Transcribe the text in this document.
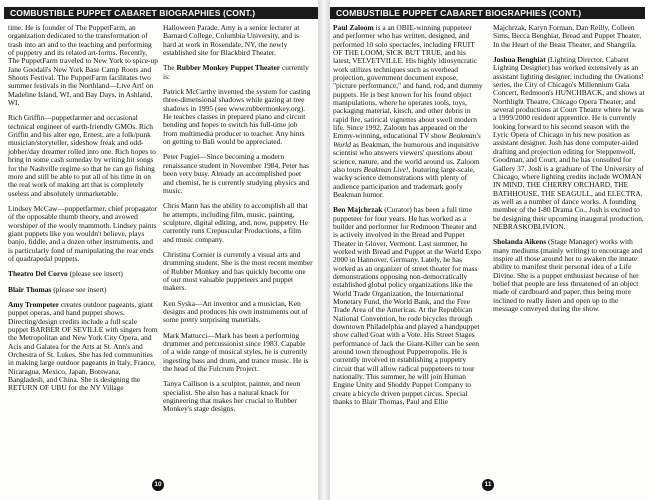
COMBUSTIBLE PUPPET CABARET BIOGRAPHIES (CONT.)

time. He is founder of The PuppetFarm, an organization dedicated to the transformation of trash into art and to the teaching and performing of puppetry and its related art-forms. Recently, The PuppetFarm traveled to New York to spice-up Jane Goodall's New York Base Camp Roots and Shoots Festival. The PuppetFarm facilitates two summer festivals in the Northland—Live Art! on Madeline Island, WI, and Bay Days, in Ashland, WI.

Rich Griffin—puppetfarmer and occasional technical engineer of earth-friendly GMOs. Rich Griffin and his alter ego, Ernest, are a folk/punk musician/storyteller, sideshow freak and odd-jobber/day dreamer rolled into one. Rich hopes to bring in some cash someday by writing hit songs for the Nashville regime so that he can go fishing more and still be able to put all of his time in on the real work of making art that is completely useless and absolutely unmarketable.

Lindsey McCaw—puppetfarmer, chief propagator of the opposable thumb theory, and avowed worshiper of the wooly mammoth. Lindsey paints giant puppets like you wouldn't believe, plays banjo, fiddle, and a dozen other instruments, and is particularly fond of manipulating the rear ends of quadrapedal puppets.

Theatro Del Corvo (please see insert)

Blair Thomas (please see insert)

Amy Trompeter creates outdoor pageants, giant puppet operas, and hand puppet shows. Directing/design credits include a full scale puppet BARBER OF SEVILLE with singers from the Metropolitan and New York City Opera, and Acis and Galatea for the Arts at St. Ann's and Orchestra of St. Lukes. She has led communities in making large outdoor pageants in Italy, France, Nicaragua, Mexico, Japan, Botswana, Bangladesh, and China. She is designing the RETURN OF UBU for the NY Village

Halloween Parade. Amy is a senior lecturer at Barnard College, Columbia University, and is hard at work in Rosendale, NY, the newly established site for Blackbird Theater.

The Rubber Monkey Puppet Theater currently is:

Patrick McCarthy invented the system for casting three-dimensional shadows while gazing at tree shadows in 1995 (see www.rubbermonkey.org). He teaches classes in prepared piano and circuit bending and hopes to switch his full-time job from multimedia producer to teacher. Any hints on getting to Bali would be appreciated.

Peter Fugiel—Since becoming a modern renaissance student in November 1984, Peter has been very busy. Already an accomplished poet and chemist, he is currently studying physics and music.

Chris Mann has the ability to accomplish all that he attempts, including film, music, painting, sculpture, digital editing, and, now, puppetry. He currently runs Crepuscular Productions, a film and music company.

Christina Cornier is currently a visual arts and drumming student. She is the most recent member of Rubber Monkey and has quickly become one of our most valuable puppeteers and puppet makers.

Ken Syska—An inventor and a musician, Ken designs and produces his own instruments out of some pretty surprising materials.

Mark Mattucci—Mark has been a performing drummer and percussionist since 1983. Capable of a wide range of musical styles, he is currently ingesting bass and drum, and trance music. He is the head of the Fulcrum Project.

Tanya Callison is a sculptor, painter, and neon specialist. She also has a natural knack for engineering that makes her crucial to Rubber Monkey's stage designs.

10
COMBUSTIBLE PUPPET CABARET BIOGRAPHIES (CONT.)

Paul Zaloom is a an OBIE-winning puppeteer and performer who has written, designed, and performed 10 solo spectacles, including FRUIT OF THE LOOM, SICK BUT TRUE, and his latest, VELVETVILLE. His highly idiosyncratic work utilizes techniques such as overhead projection, government document expose, "picture performance," and hand, rod, and dummy puppets. He is best known for his found object manipulations, where he operates tools, toys, packaging material, kitsch, and other debris in rapid fire, satirical vignettes about swell modern life. Since 1992, Zaloom has appeared on the Emmy-winning, educational TV show Beakman's World as Beakman, the humorous and inquisitive scientist who answers viewers' questions about science, nature, and the world around us. Zaloom also tours Beakman Live!, featuring large-scale, wacky science demonstrations with plenty of audience participation and trademark goofy Beakman humor.

Ben Majchrzak (Curator) has been a full time puppeteer for four years. He has worked as a builder and performer for Redmoon Theater and is actively involved in the Bread and Puppet Theater in Glover, Vermont. Last summer, he worked with Bread and Puppet at the World Expo 2000 in Hannover, Germany. Lately, he has worked as an organizer of street theater for mass demonstrations opposing non-democratically established global policy organizations like the World Trade Organization, the International Monetary Fund, the World Bank, and the Free Trade Area of the Americas. At the Republican National Convention, he rode bicycles through downtown Philadelphia and played a handpuppet show called Goat with a Vote. His Street Stages performance of Jack the Giant-Killer can be seen around town throughout Puppetropolis. He is currently involved in establishing a puppetry circuit that will allow radical puppeteers to tour nationally. This summer, he will join Human Engine Unity and Shoddy Puppet Company to create a bicycle driven puppet circus. Special thanks to Blair Thomas, Paul and Ellie

Majchrzak, Karyn Forman, Dan Reilly, Colleen Sims, Becca Benghiat, Bread and Puppet Theater, In the Heart of the Beast Theater, and Shangrila.

Joshua Benghiat (Lighting Director, Cabaret Lighting Designer) has worked extensively as an assistant lighting designer, including the Ovations! series, the City of Chicago's Millennium Gala Concert, Redmoon's HUNCHBACK, and shows at Northlight Theatre, Chicago Opera Theater, and several productions at Court Theatre where he was a 1999/2000 resident apprentice. He is currently looking forward to his second season with the Lyric Opera of Chicago in his new position as assistant designer. Josh has done computer-aided drafting and projection editing for Steppenwolf, Goodman, and Court, and he has consulted for Gallery 37. Josh is a graduate of The University of Chicago, where lighting credits include WOMAN IN MIND, THE CHERRY ORCHARD, THE BATHHOUSE, THE SEAGULL, and ELECTRA, as well as a number of dance works. A founding member of the I-80 Drama Co., Josh is excited to be designing their upcoming inaugural production, NEBRASKOBLIVION.

Sholanda Aikens (Stage Manager) works with many mediums (mainly writing) to encourage and inspire all those around her to awaken the innate ability to manifest their personal idea of a Life Divine. She is a puppet enthusiast because of her belief that people are less threatened of an object made of cardboard and paper, thus being more inclined to really listen and open up to the message conveyed during the show.

11
